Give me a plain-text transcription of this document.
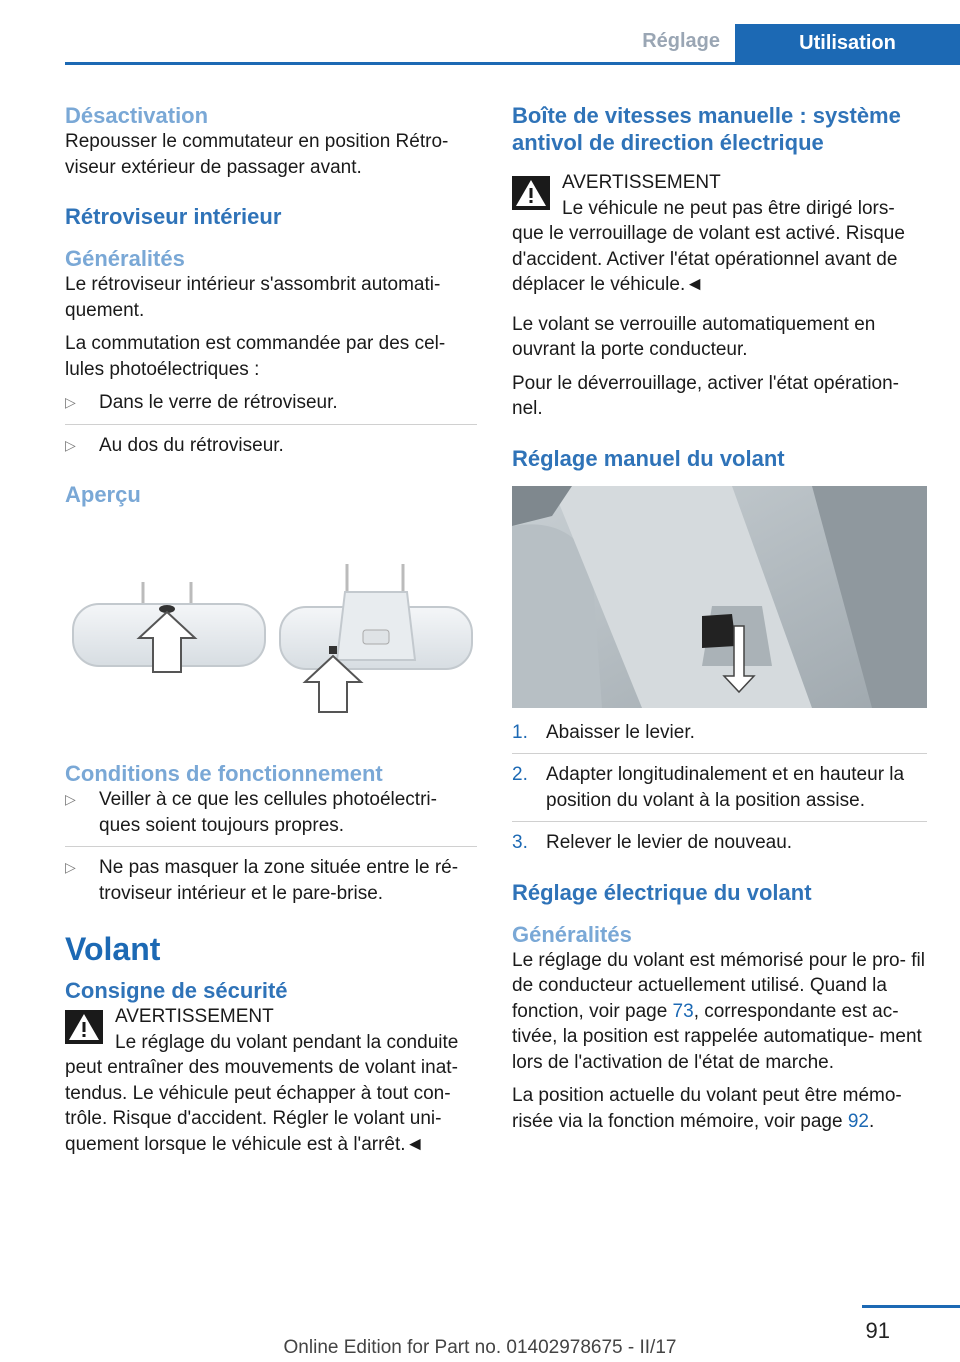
Réglage	Utilisation
Désactivation

Repousser le commutateur en position Rétro- viseur extérieur de passager avant.

Rétroviseur intérieur
Généralités

Le rétroviseur intérieur s'assombrit automati- quement.

La commutation est commandée par des cel- lules photoélectriques :

▷ Dans le verre de rétroviseur.
▷ Au dos du rétroviseur.
Aperçu
Conditions de fonctionnement
▷ Veiller à ce que les cellules photoélectri- ques soient toujours propres.
▷ Ne pas masquer la zone située entre le ré- troviseur intérieur et le pare-brise.
Volant
Consigne de sécurité
AVERTISSEMENT

Le réglage du volant pendant la conduite peut entraîner des mouvements de volant inat- tendus. Le véhicule peut échapper à tout con- trôle. Risque d'accident. Régler le volant uni- quement lorsque le véhicule est à l'arrêt.◄

Boîte de vitesses manuelle : système antivol de direction électrique
AVERTISSEMENT

Le véhicule ne peut pas être dirigé lors- que le verrouillage de volant est activé. Risque d'accident. Activer l'état opérationnel avant de déplacer le véhicule.◄

Le volant se verrouille automatiquement en ouvrant la porte conducteur.

Pour le déverrouillage, activer l'état opération- nel.

Réglage manuel du volant
1. Abaisser le levier.
2. Adapter longitudinalement et en hauteur la position du volant à la position assise.
3. Relever le levier de nouveau.
Réglage électrique du volant
Généralités

Le réglage du volant est mémorisé pour le pro- fil de conducteur actuellement utilisé. Quand la fonction, voir page 73, correspondante est ac- tivée, la position est rappelée automatique- ment lors de l'activation de l'état de marche.

La position actuelle du volant peut être mémo- risée via la fonction mémoire, voir page 92.

91
Online Edition for Part no. 01402978675 - II/17
